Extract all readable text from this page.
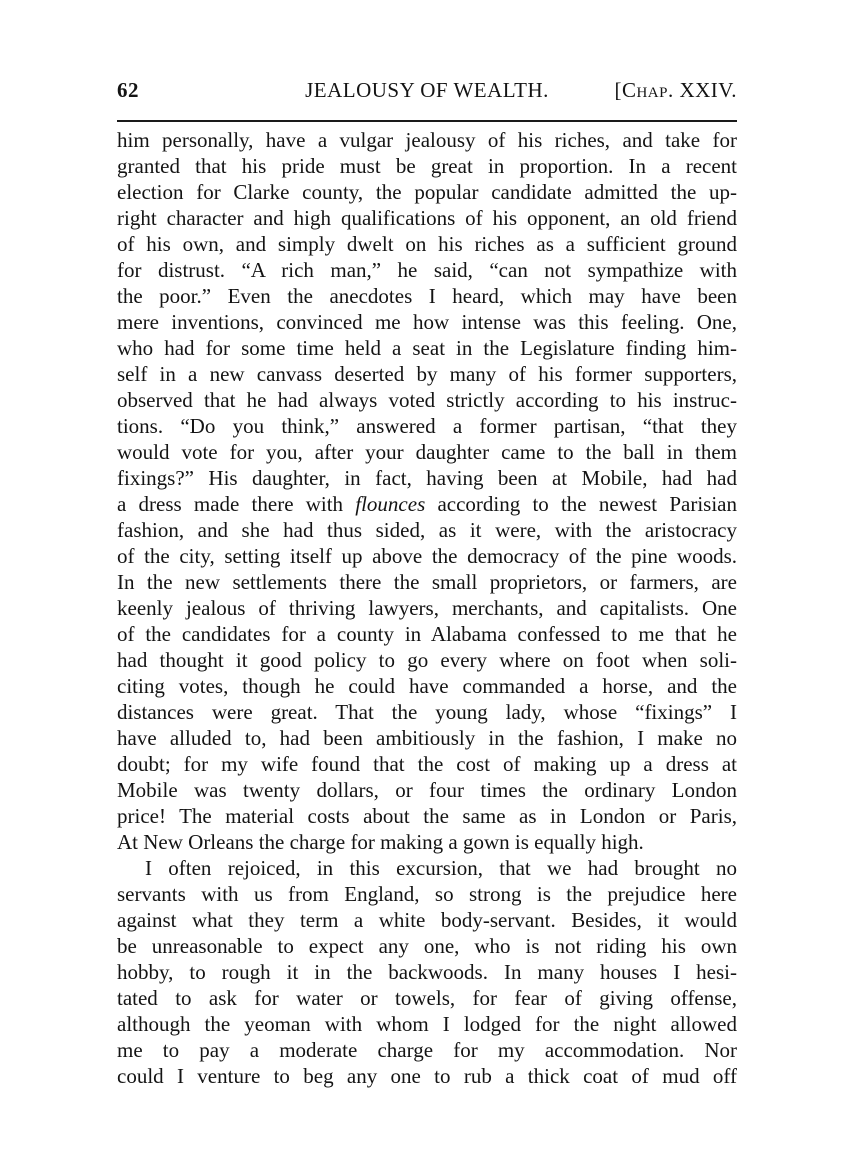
62	JEALOUSY OF WEALTH.	[Chap. XXIV.
him personally, have a vulgar jealousy of his riches, and take for
granted that his pride must be great in proportion. In a recent
election for Clarke county, the popular candidate admitted the up-
right character and high qualifications of his opponent, an old friend
of his own, and simply dwelt on his riches as a sufficient ground
for distrust. “A rich man,” he said, “can not sympathize with
the poor.” Even the anecdotes I heard, which may have been
mere inventions, convinced me how intense was this feeling. One,
who had for some time held a seat in the Legislature finding him-
self in a new canvass deserted by many of his former supporters,
observed that he had always voted strictly according to his instruc-
tions. “Do you think,” answered a former partisan, “that they
would vote for you, after your daughter came to the ball in them
fixings?” His daughter, in fact, having been at Mobile, had had
a dress made there with flounces according to the newest Parisian
fashion, and she had thus sided, as it were, with the aristocracy
of the city, setting itself up above the democracy of the pine woods.
In the new settlements there the small proprietors, or farmers, are
keenly jealous of thriving lawyers, merchants, and capitalists. One
of the candidates for a county in Alabama confessed to me that he
had thought it good policy to go every where on foot when soli-
citing votes, though he could have commanded a horse, and the
distances were great. That the young lady, whose “fixings” I
have alluded to, had been ambitiously in the fashion, I make no
doubt; for my wife found that the cost of making up a dress at
Mobile was twenty dollars, or four times the ordinary London
price! The material costs about the same as in London or Paris,
At New Orleans the charge for making a gown is equally high.
I often rejoiced, in this excursion, that we had brought no
servants with us from England, so strong is the prejudice here
against what they term a white body-servant. Besides, it would
be unreasonable to expect any one, who is not riding his own
hobby, to rough it in the backwoods. In many houses I hesi-
tated to ask for water or towels, for fear of giving offense,
although the yeoman with whom I lodged for the night allowed
me to pay a moderate charge for my accommodation. Nor
could I venture to beg any one to rub a thick coat of mud off
